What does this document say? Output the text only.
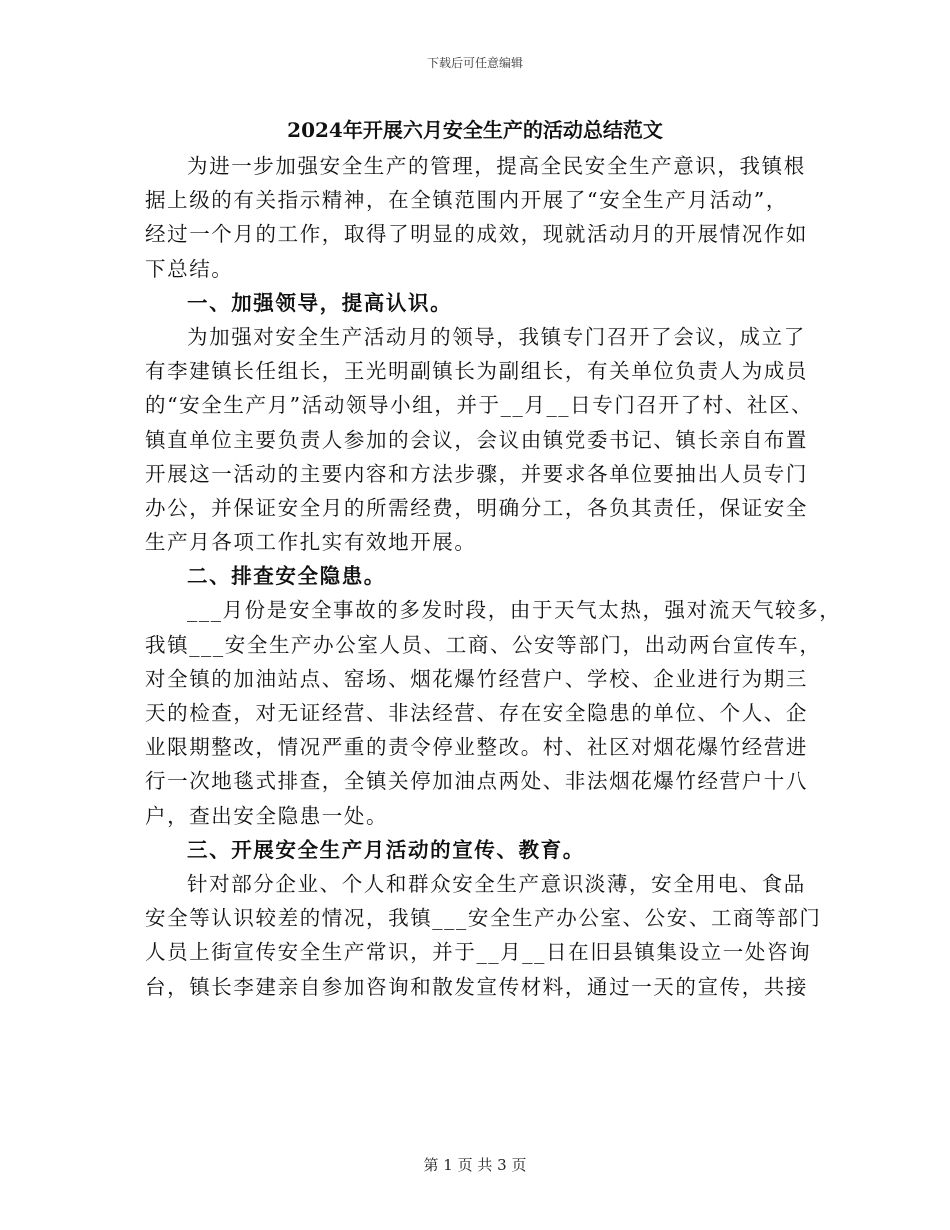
下载后可任意编辑
2024年开展六月安全生产的活动总结范文
为进一步加强安全生产的管理，提高全民安全生产意识，我镇根
据上级的有关指示精神，在全镇范围内开展了“安全生产月活动”，
经过一个月的工作，取得了明显的成效，现就活动月的开展情况作如
下总结。
一、加强领导，提高认识。
为加强对安全生产活动月的领导，我镇专门召开了会议，成立了
有李建镇长任组长，王光明副镇长为副组长，有关单位负责人为成员
的“安全生产月”活动领导小组，并于__月__日专门召开了村、社区、
镇直单位主要负责人参加的会议，会议由镇党委书记、镇长亲自布置
开展这一活动的主要内容和方法步骤，并要求各单位要抽出人员专门
办公，并保证安全月的所需经费，明确分工，各负其责任，保证安全
生产月各项工作扎实有效地开展。
二、排查安全隐患。
___月份是安全事故的多发时段，由于天气太热，强对流天气较多，
我镇___安全生产办公室人员、工商、公安等部门，出动两台宣传车，
对全镇的加油站点、窑场、烟花爆竹经营户、学校、企业进行为期三
天的检查，对无证经营、非法经营、存在安全隐患的单位、个人、企
业限期整改，情况严重的责令停业整改。村、社区对烟花爆竹经营进
行一次地毯式排查，全镇关停加油点两处、非法烟花爆竹经营户十八
户，查出安全隐患一处。
三、开展安全生产月活动的宣传、教育。
针对部分企业、个人和群众安全生产意识淡薄，安全用电、食品
安全等认识较差的情况，我镇___安全生产办公室、公安、工商等部门
人员上街宣传安全生产常识，并于__月__日在旧县镇集设立一处咨询
台，镇长李建亲自参加咨询和散发宣传材料，通过一天的宣传，共接
第 1 页 共 3 页
